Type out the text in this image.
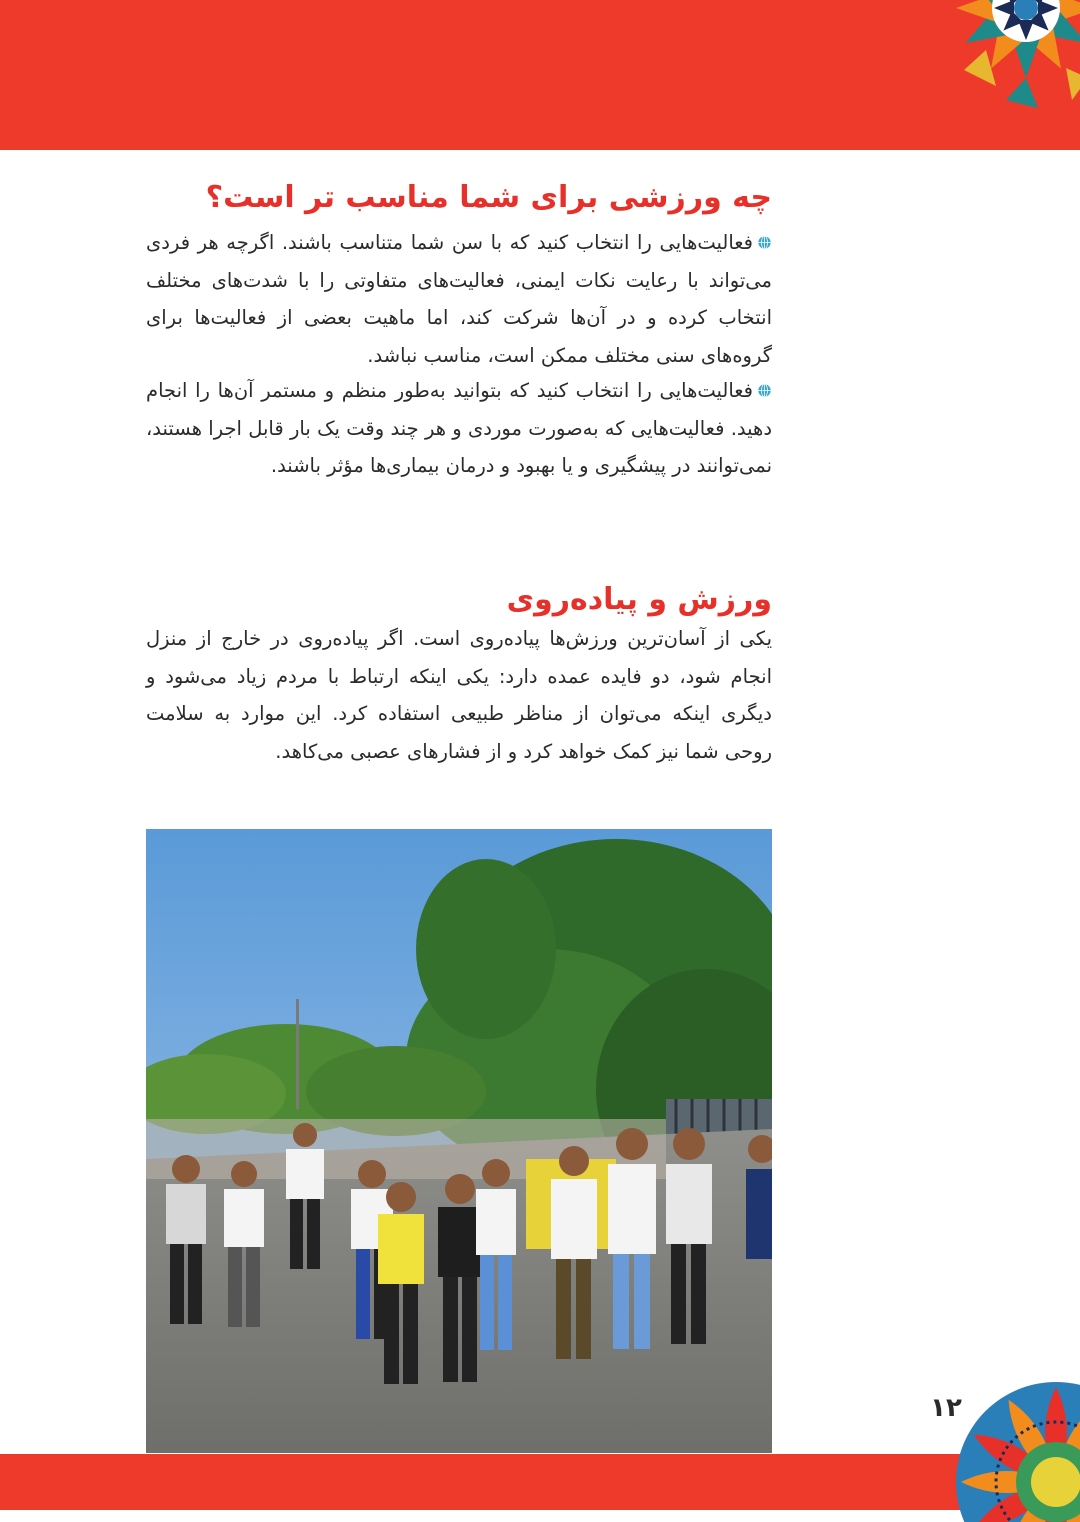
چه ورزشی برای شما مناسب تر است؟

فعالیت‌هایی را انتخاب کنید که با سن شما متناسب باشند. اگرچه هر فردی می‌تواند با رعایت نکات ایمنی، فعالیت‌های متفاوتی را با شدت‌های مختلف انتخاب کرده و در آن‌ها شرکت کند، اما ماهیت بعضی از فعالیت‌ها برای گروه‌های سنی مختلف ممکن است، مناسب نباشد.

فعالیت‌هایی را انتخاب کنید که بتوانید به‌طور منظم و مستمر آن‌ها را انجام دهید. فعالیت‌هایی که به‌صورت موردی و هر چند وقت یک بار قابل اجرا هستند، نمی‌توانند در پیشگیری و یا بهبود و درمان بیماری‌ها مؤثر باشند.

ورزش و پیاده‌روی

یکی از آسان‌ترین ورزش‌ها پیاده‌روی است. اگر پیاده‌روی در خارج از منزل انجام شود، دو فایده عمده دارد: یکی اینکه ارتباط با مردم زیاد می‌شود و دیگری اینکه می‌توان از مناظر طبیعی استفاده کرد. این موارد به سلامت روحی شما نیز کمک خواهد کرد و از فشارهای عصبی می‌کاهد.

۱۲
